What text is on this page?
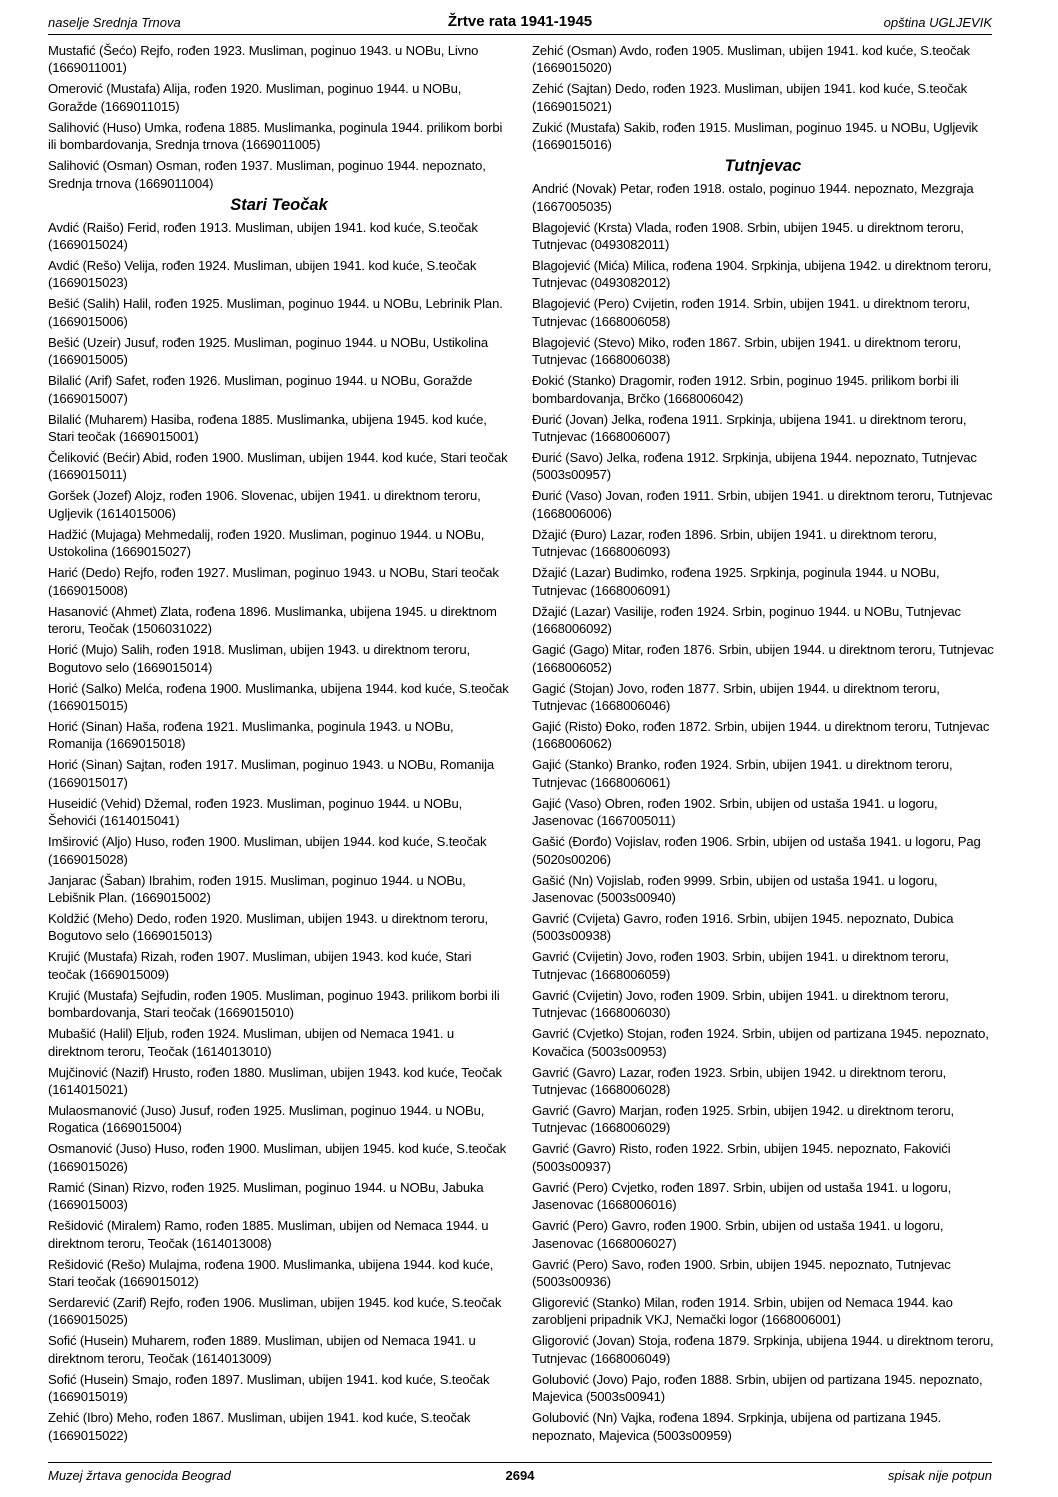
naselje Srednja Trnova	Žrtve rata 1941-1945	opština UGLJEVIK
Mustafić (Šećo) Rejfo, rođen 1923. Musliman, poginuo 1943. u NOBu, Livno (1669011001)
Omerović (Mustafa) Alija, rođen 1920. Musliman, poginuo 1944. u NOBu, Goražde (1669011015)
Salihović (Huso) Umka, rođena 1885. Muslimanka, poginula 1944. prilikom borbi ili bombardovanja, Srednja trnova (1669011005)
Salihović (Osman) Osman, rođen 1937. Musliman, poginuo 1944. nepoznato, Srednja trnova (1669011004)
Stari Teočak
Avdić (Raišo) Ferid, rođen 1913. Musliman, ubijen 1941. kod kuće, S.teočak (1669015024)
Avdić (Rešo) Velija, rođen 1924. Musliman, ubijen 1941. kod kuće, S.teočak (1669015023)
Bešić (Salih) Halil, rođen 1925. Musliman, poginuo 1944. u NOBu, Lebrinik Plan. (1669015006)
Bešić (Uzeir) Jusuf, rođen 1925. Musliman, poginuo 1944. u NOBu, Ustikolina (1669015005)
Bilalić (Arif) Safet, rođen 1926. Musliman, poginuo 1944. u NOBu, Goražde (1669015007)
Bilalić (Muharem) Hasiba, rođena 1885. Muslimanka, ubijena 1945. kod kuće, Stari teočak (1669015001)
Čeliković (Bećir) Abid, rođen 1900. Musliman, ubijen 1944. kod kuće, Stari teočak (1669015011)
Goršek (Jozef) Alojz, rođen 1906. Slovenac, ubijen 1941. u direktnom teroru, Ugljevik (1614015006)
Hadžić (Mujaga) Mehmedalij, rođen 1920. Musliman, poginuo 1944. u NOBu, Ustokolina (1669015027)
Harić (Dedo) Rejfo, rođen 1927. Musliman, poginuo 1943. u NOBu, Stari teočak (1669015008)
Hasanović (Ahmet) Zlata, rođena 1896. Muslimanka, ubijena 1945. u direktnom teroru, Teočak (1506031022)
Horić (Mujo) Salih, rođen 1918. Musliman, ubijen 1943. u direktnom teroru, Bogutovo selo (1669015014)
Horić (Salko) Melća, rođena 1900. Muslimanka, ubijena 1944. kod kuće, S.teočak (1669015015)
Horić (Sinan) Haša, rođena 1921. Muslimanka, poginula 1943. u NOBu, Romanija (1669015018)
Horić (Sinan) Sajtan, rođen 1917. Musliman, poginuo 1943. u NOBu, Romanija (1669015017)
Huseidić (Vehid) Džemal, rođen 1923. Musliman, poginuo 1944. u NOBu, Šehovići (1614015041)
Imširović (Aljo) Huso, rođen 1900. Musliman, ubijen 1944. kod kuće, S.teočak (1669015028)
Janjarac (Šaban) Ibrahim, rođen 1915. Musliman, poginuo 1944. u NOBu, Lebišnik Plan. (1669015002)
Koldžić (Meho) Dedo, rođen 1920. Musliman, ubijen 1943. u direktnom teroru, Bogutovo selo (1669015013)
Krujić (Mustafa) Rizah, rođen 1907. Musliman, ubijen 1943. kod kuće, Stari teočak (1669015009)
Krujić (Mustafa) Sejfudin, rođen 1905. Musliman, poginuo 1943. prilikom borbi ili bombardovanja, Stari teočak (1669015010)
Mubašić (Halil) Eljub, rođen 1924. Musliman, ubijen od Nemaca 1941. u direktnom teroru, Teočak (1614013010)
Mujčinović (Nazif) Hrusto, rođen 1880. Musliman, ubijen 1943. kod kuće, Teočak (1614015021)
Mulaosmanović (Juso) Jusuf, rođen 1925. Musliman, poginuo 1944. u NOBu, Rogatica (1669015004)
Osmanović (Juso) Huso, rođen 1900. Musliman, ubijen 1945. kod kuće, S.teočak (1669015026)
Ramić (Sinan) Rizvo, rođen 1925. Musliman, poginuo 1944. u NOBu, Jabuka (1669015003)
Rešidović (Miralem) Ramo, rođen 1885. Musliman, ubijen od Nemaca 1944. u direktnom teroru, Teočak (1614013008)
Rešidović (Rešo) Mulajma, rođena 1900. Muslimanka, ubijena 1944. kod kuće, Stari teočak (1669015012)
Serdarević (Zarif) Rejfo, rođen 1906. Musliman, ubijen 1945. kod kuće, S.teočak (1669015025)
Sofić (Husein) Muharem, rođen 1889. Musliman, ubijen od Nemaca 1941. u direktnom teroru, Teočak (1614013009)
Sofić (Husein) Smajo, rođen 1897. Musliman, ubijen 1941. kod kuće, S.teočak (1669015019)
Zehić (Ibro) Meho, rođen 1867. Musliman, ubijen 1941. kod kuće, S.teočak (1669015022)
Zehić (Osman) Avdo, rođen 1905. Musliman, ubijen 1941. kod kuće, S.teočak (1669015020)
Zehić (Sajtan) Dedo, rođen 1923. Musliman, ubijen 1941. kod kuće, S.teočak (1669015021)
Zukić (Mustafa) Sakib, rođen 1915. Musliman, poginuo 1945. u NOBu, Ugljevik (1669015016)
Tutnjevac
Andrić (Novak) Petar, rođen 1918. ostalo, poginuo 1944. nepoznato, Mezgraja (1667005035)
Blagojević (Krsta) Vlada, rođen 1908. Srbin, ubijen 1945. u direktnom teroru, Tutnjevac (0493082011)
Blagojević (Mića) Milica, rođena 1904. Srpkinja, ubijena 1942. u direktnom teroru, Tutnjevac (0493082012)
Blagojević (Pero) Cvijetin, rođen 1914. Srbin, ubijen 1941. u direktnom teroru, Tutnjevac (1668006058)
Blagojević (Stevo) Miko, rođen 1867. Srbin, ubijen 1941. u direktnom teroru, Tutnjevac (1668006038)
Đokić (Stanko) Dragomir, rođen 1912. Srbin, poginuo 1945. prilikom borbi ili bombardovanja, Brčko (1668006042)
Đurić (Jovan) Jelka, rođena 1911. Srpkinja, ubijena 1941. u direktnom teroru, Tutnjevac (1668006007)
Đurić (Savo) Jelka, rođena 1912. Srpkinja, ubijena 1944. nepoznato, Tutnjevac (5003s00957)
Đurić (Vaso) Jovan, rođen 1911. Srbin, ubijen 1941. u direktnom teroru, Tutnjevac (1668006006)
Džajić (Đuro) Lazar, rođen 1896. Srbin, ubijen 1941. u direktnom teroru, Tutnjevac (1668006093)
Džajić (Lazar) Budimko, rođena 1925. Srpkinja, poginula 1944. u NOBu, Tutnjevac (1668006091)
Džajić (Lazar) Vasilije, rođen 1924. Srbin, poginuo 1944. u NOBu, Tutnjevac (1668006092)
Gagić (Gago) Mitar, rođen 1876. Srbin, ubijen 1944. u direktnom teroru, Tutnjevac (1668006052)
Gagić (Stojan) Jovo, rođen 1877. Srbin, ubijen 1944. u direktnom teroru, Tutnjevac (1668006046)
Gajić (Risto) Đoko, rođen 1872. Srbin, ubijen 1944. u direktnom teroru, Tutnjevac (1668006062)
Gajić (Stanko) Branko, rođen 1924. Srbin, ubijen 1941. u direktnom teroru, Tutnjevac (1668006061)
Gajić (Vaso) Obren, rođen 1902. Srbin, ubijen od ustaša 1941. u logoru, Jasenovac (1667005011)
Gašić (Đorđo) Vojislav, rođen 1906. Srbin, ubijen od ustaša 1941. u logoru, Pag (5020s00206)
Gašić (Nn) Vojislab, rođen 9999. Srbin, ubijen od ustaša 1941. u logoru, Jasenovac (5003s00940)
Gavrić (Cvijeta) Gavro, rođen 1916. Srbin, ubijen 1945. nepoznato, Dubica (5003s00938)
Gavrić (Cvijetin) Jovo, rođen 1903. Srbin, ubijen 1941. u direktnom teroru, Tutnjevac (1668006059)
Gavrić (Cvijetin) Jovo, rođen 1909. Srbin, ubijen 1941. u direktnom teroru, Tutnjevac (1668006030)
Gavrić (Cvjetko) Stojan, rođen 1924. Srbin, ubijen od partizana 1945. nepoznato, Kovačica (5003s00953)
Gavrić (Gavro) Lazar, rođen 1923. Srbin, ubijen 1942. u direktnom teroru, Tutnjevac (1668006028)
Gavrić (Gavro) Marjan, rođen 1925. Srbin, ubijen 1942. u direktnom teroru, Tutnjevac (1668006029)
Gavrić (Gavro) Risto, rođen 1922. Srbin, ubijen 1945. nepoznato, Fakovići (5003s00937)
Gavrić (Pero) Cvjetko, rođen 1897. Srbin, ubijen od ustaša 1941. u logoru, Jasenovac (1668006016)
Gavrić (Pero) Gavro, rođen 1900. Srbin, ubijen od ustaša 1941. u logoru, Jasenovac (1668006027)
Gavrić (Pero) Savo, rođen 1900. Srbin, ubijen 1945. nepoznato, Tutnjevac (5003s00936)
Gligorević (Stanko) Milan, rođen 1914. Srbin, ubijen od Nemaca 1944. kao zarobljeni pripadnik VKJ, Nemački logor (1668006001)
Gligorović (Jovan) Stoja, rođena 1879. Srpkinja, ubijena 1944. u direktnom teroru, Tutnjevac (1668006049)
Golubović (Jovo) Pajo, rođen 1888. Srbin, ubijen od partizana 1945. nepoznato, Majevica (5003s00941)
Golubović (Nn) Vajka, rođena 1894. Srpkinja, ubijena od partizana 1945. nepoznato, Majevica (5003s00959)
Muzej žrtava genocida Beograd	2694	spisak nije potpun
